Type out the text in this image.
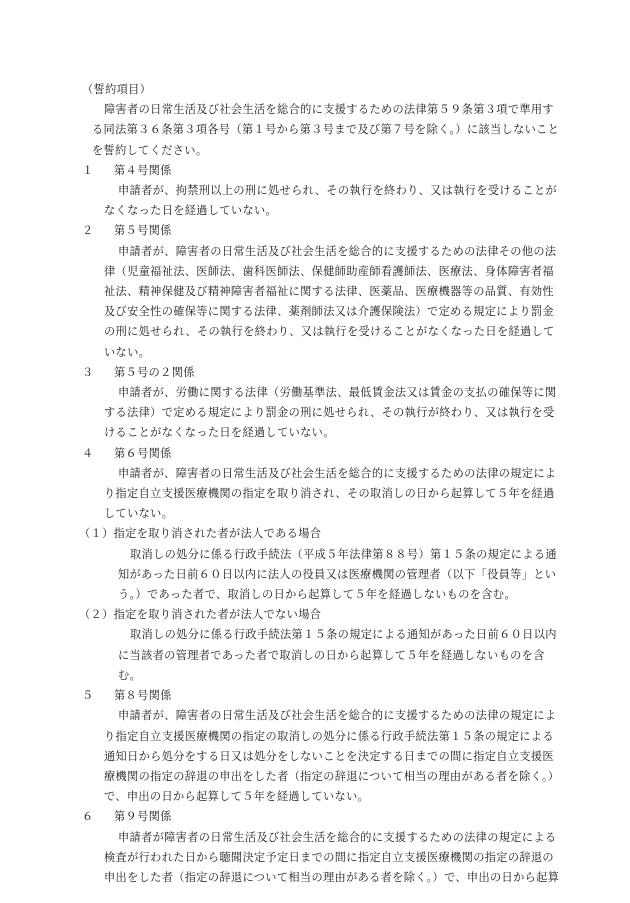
（誓約項目）
障害者の日常生活及び社会生活を総合的に支援するための法律第５９条第３項で準用す
る同法第３６条第３項各号（第１号から第３号まで及び第７号を除く。）に該当しないこと
を誓約してください。
１ 第４号関係
申請者が、拘禁刑以上の刑に処せられ、その執行を終わり、又は執行を受けることが
なくなった日を経過していない。
２ 第５号関係
申請者が、障害者の日常生活及び社会生活を総合的に支援するための法律その他の法
律（児童福祉法、医師法、歯科医師法、保健師助産師看護師法、医療法、身体障害者福
祉法、精神保健及び精神障害者福祉に関する法律、医薬品、医療機器等の品質、有効性
及び安全性の確保等に関する法律、薬剤師法又は介護保険法）で定める規定により罰金
の刑に処せられ、その執行を終わり、又は執行を受けることがなくなった日を経過して
いない。
３ 第５号の２関係
申請者が、労働に関する法律（労働基準法、最低賃金法又は賃金の支払の確保等に関
する法律）で定める規定により罰金の刑に処せられ、その執行が終わり、又は執行を受
けることがなくなった日を経過していない。
４ 第６号関係
申請者が、障害者の日常生活及び社会生活を総合的に支援するための法律の規定によ
り指定自立支援医療機関の指定を取り消され、その取消しの日から起算して５年を経過
していない。
（１）指定を取り消された者が法人である場合
取消しの処分に係る行政手続法（平成５年法律第８８号）第１５条の規定による通
知があった日前６０日以内に法人の役員又は医療機関の管理者（以下「役員等」とい
う。）であった者で、取消しの日から起算して５年を経過しないものを含む。
（２）指定を取り消された者が法人でない場合
取消しの処分に係る行政手続法第１５条の規定による通知があった日前６０日以内
に当該者の管理者であった者で取消しの日から起算して５年を経過しないものを含
む。
５ 第８号関係
申請者が、障害者の日常生活及び社会生活を総合的に支援するための法律の規定によ
り指定自立支援医療機関の指定の取消しの処分に係る行政手続法第１５条の規定による
通知日から処分をする日又は処分をしないことを決定する日までの間に指定自立支援医
療機関の指定の辞退の申出をした者（指定の辞退について相当の理由がある者を除く。）
で、申出の日から起算して５年を経過していない。
６ 第９号関係
申請者が障害者の日常生活及び社会生活を総合的に支援するための法律の規定による
検査が行われた日から聴聞決定予定日までの間に指定自立支援医療機関の指定の辞退の
申出をした者（指定の辞退について相当の理由がある者を除く。）で、申出の日から起算
